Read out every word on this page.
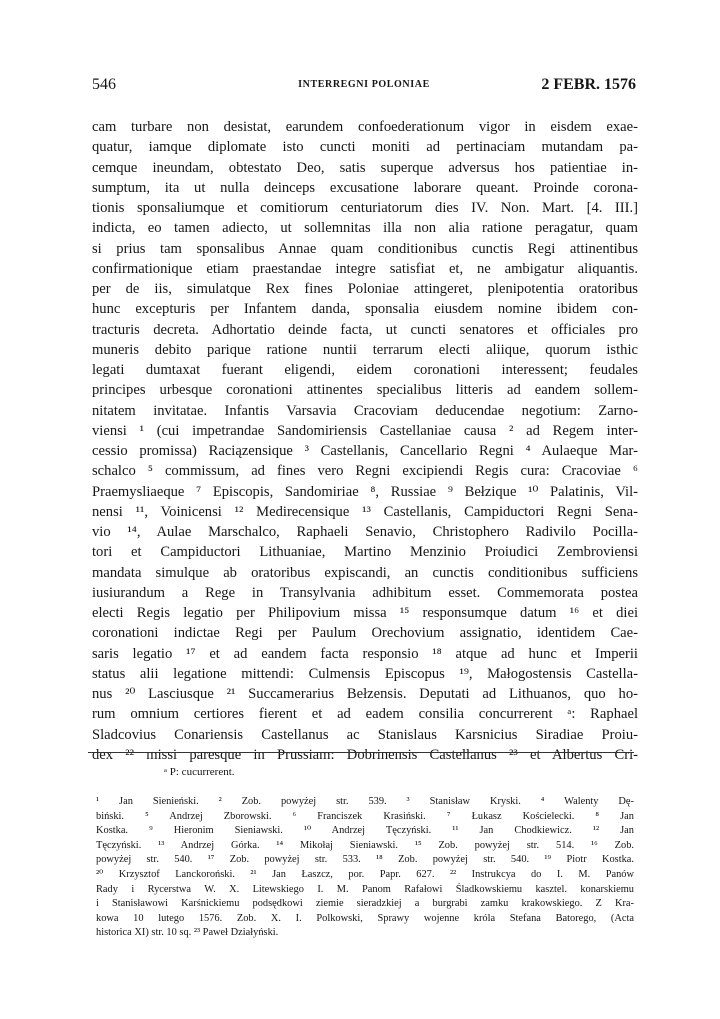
546	INTERREGNI POLONIAE	2 FEBR. 1576
cam turbare non desistat, earundem confoederationum vigor in eisdem exae-
quatur, iamque diplomate isto cuncti moniti ad pertinaciam mutandam pa-
cemque ineundam, obtestato Deo, satis superque adversus hos patientiae in-
sumptum, ita ut nulla deinceps excusatione laborare queant. Proinde corona-
tionis sponsaliumque et comitiorum centuriatorum dies IV. Non. Mart. [4. III.]
indicta, eo tamen adiecto, ut sollemnitas illa non alia ratione peragatur, quam
si prius tam sponsalibus Annae quam conditionibus cunctis Regi attinentibus
confirmationique etiam praestandae integre satisfiat et, ne ambigatur aliquantis.
per de iis, simulatque Rex fines Poloniae attingeret, plenipotentia oratoribus
hunc excepturis per Infantem danda, sponsalia eiusdem nomine ibidem con-
tracturis decreta. Adhortatio deinde facta, ut cuncti senatores et officiales pro
muneris debito parique ratione nuntii terrarum electi aliique, quorum isthic
legati dumtaxat fuerant eligendi, eidem coronationi interessent; feudales
principes urbesque coronationi attinentes specialibus litteris ad eandem sollem-
nitatem invitatae. Infantis Varsavia Cracoviam deducendae negotium: Zarno-
viensi ¹ (cui impetrandae Sandomiriensis Castellaniae causa ² ad Regem inter-
cessio promissa) Raciązensique ³ Castellanis, Cancellario Regni ⁴ Aulaeque Mar-
schalco ⁵ commissum, ad fines vero Regni excipiendi Regis cura: Cracoviae ⁶
Praemysliaeque ⁷ Episcopis, Sandomiriae ⁸, Russiae ⁹ Bełzique ¹⁰ Palatinis, Vil-
nensi ¹¹, Voinicensi ¹² Medirecensique ¹³ Castellanis, Campiductori Regni Sena-
vio ¹⁴, Aulae Marschalco, Raphaeli Senavio, Christophero Radivilo Pocilla-
tori et Campiductori Lithuaniae, Martino Menzinio Proiudici Zembroviensi
mandata simulque ab oratoribus expiscandi, an cunctis conditionibus sufficiens
iusiurandum a Rege in Transylvania adhibitum esset. Commemorata postea
electi Regis legatio per Philipovium missa ¹⁵ responsumque datum ¹⁶ et diei
coronationi indictae Regi per Paulum Orechovium assignatio, identidem Cae-
saris legatio ¹⁷ et ad eandem facta responsio ¹⁸ atque ad hunc et Imperii
status alii legatione mittendi: Culmensis Episcopus ¹⁹, Małogostensis Castella-
nus ²⁰ Lasciusque ²¹ Succamerarius Bełzensis. Deputati ad Lithuanos, quo ho-
rum omnium certiores fierent et ad eadem consilia concurrerent ᵃ: Raphael
Sladcovius Conariensis Castellanus ac Stanislaus Karsnicius Siradiae Proiu-
dex ²² missi paresque in Prussiam: Dobrinensis Castellanus ²³ et Albertus Cri-
ᵃ P: cucurrerent.
¹ Jan Sienieński. ² Zob. powyżej str. 539. ³ Stanisław Kryski. ⁴ Walenty Dę-
biński. ⁵ Andrzej Zborowski. ⁶ Franciszek Krasiński. ⁷ Łukasz Kościelecki. ⁸ Jan
Kostka. ⁹ Hieronim Sieniawski. ¹⁰ Andrzej Tęczyński. ¹¹ Jan Chodkiewicz. ¹² Jan
Tęczyński. ¹³ Andrzej Górka. ¹⁴ Mikołaj Sieniawski. ¹⁵ Zob. powyżej str. 514. ¹⁶ Zob.
powyżej str. 540. ¹⁷ Zob. powyżej str. 533. ¹⁸ Zob. powyżej str. 540. ¹⁹ Piotr Kostka.
²⁰ Krzysztof Lanckoroński. ²¹ Jan Łaszcz, por. Papr. 627. ²² Instrukcya do I. M. Panów
Rady i Rycerstwa W. X. Litewskiego I. M. Panom Rafałowi Śladkowskiemu kasztel. konarskiemu
i Stanisławowi Karśnickiemu podsędkowi ziemie sieradzkiej a burgrabi zamku krakowskiego. Z Kra-
kowa 10 lutego 1576. Zob. X. I. Polkowski, Sprawy wojenne króla Stefana Batorego, (Acta
historica XI) str. 10 sq. ²³ Paweł Działyński.
